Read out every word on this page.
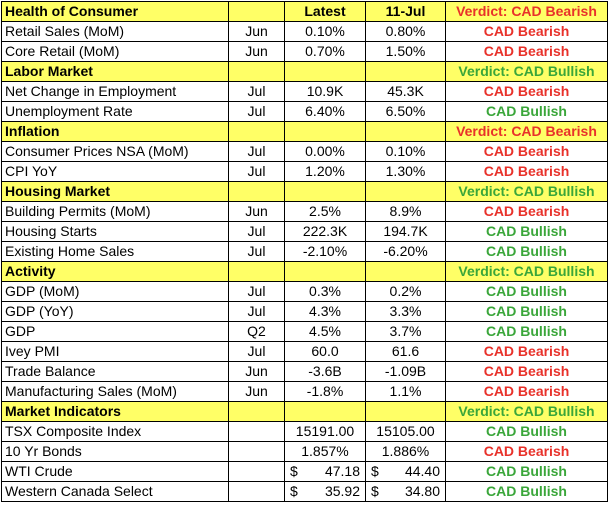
Health of Consumer		Latest	11-Jul	Verdict: CAD Bearish
Retail Sales (MoM)	Jun	0.10%	0.80%	CAD Bearish
Core Retail (MoM)	Jun	0.70%	1.50%	CAD Bearish
Labor Market				Verdict: CAD Bullish
Net Change in Employment	Jul	10.9K	45.3K	CAD Bearish
Unemployment Rate	Jul	6.40%	6.50%	CAD Bullish
Inflation				Verdict: CAD Bearish
Consumer Prices NSA (MoM)	Jul	0.00%	0.10%	CAD Bearish
CPI YoY	Jul	1.20%	1.30%	CAD Bearish
Housing Market				Verdict: CAD Bullish
Building Permits (MoM)	Jun	2.5%	8.9%	CAD Bearish
Housing Starts	Jul	222.3K	194.7K	CAD Bullish
Existing Home Sales	Jul	-2.10%	-6.20%	CAD Bullish
Activity				Verdict: CAD Bullish
GDP (MoM)	Jul	0.3%	0.2%	CAD Bullish
GDP (YoY)	Jul	4.3%	3.3%	CAD Bullish
GDP	Q2	4.5%	3.7%	CAD Bullish
Ivey PMI	Jul	60.0	61.6	CAD Bearish
Trade Balance	Jun	-3.6B	-1.09B	CAD Bearish
Manufacturing Sales (MoM)	Jun	-1.8%	1.1%	CAD Bearish
Market Indicators				Verdict: CAD Bullish
TSX Composite Index		15191.00	15105.00	CAD Bullish
10 Yr Bonds		1.857%	1.886%	CAD Bearish
WTI Crude		$ 47.18	$ 44.40	CAD Bullish
Western Canada Select		$ 35.92	$ 34.80	CAD Bullish
